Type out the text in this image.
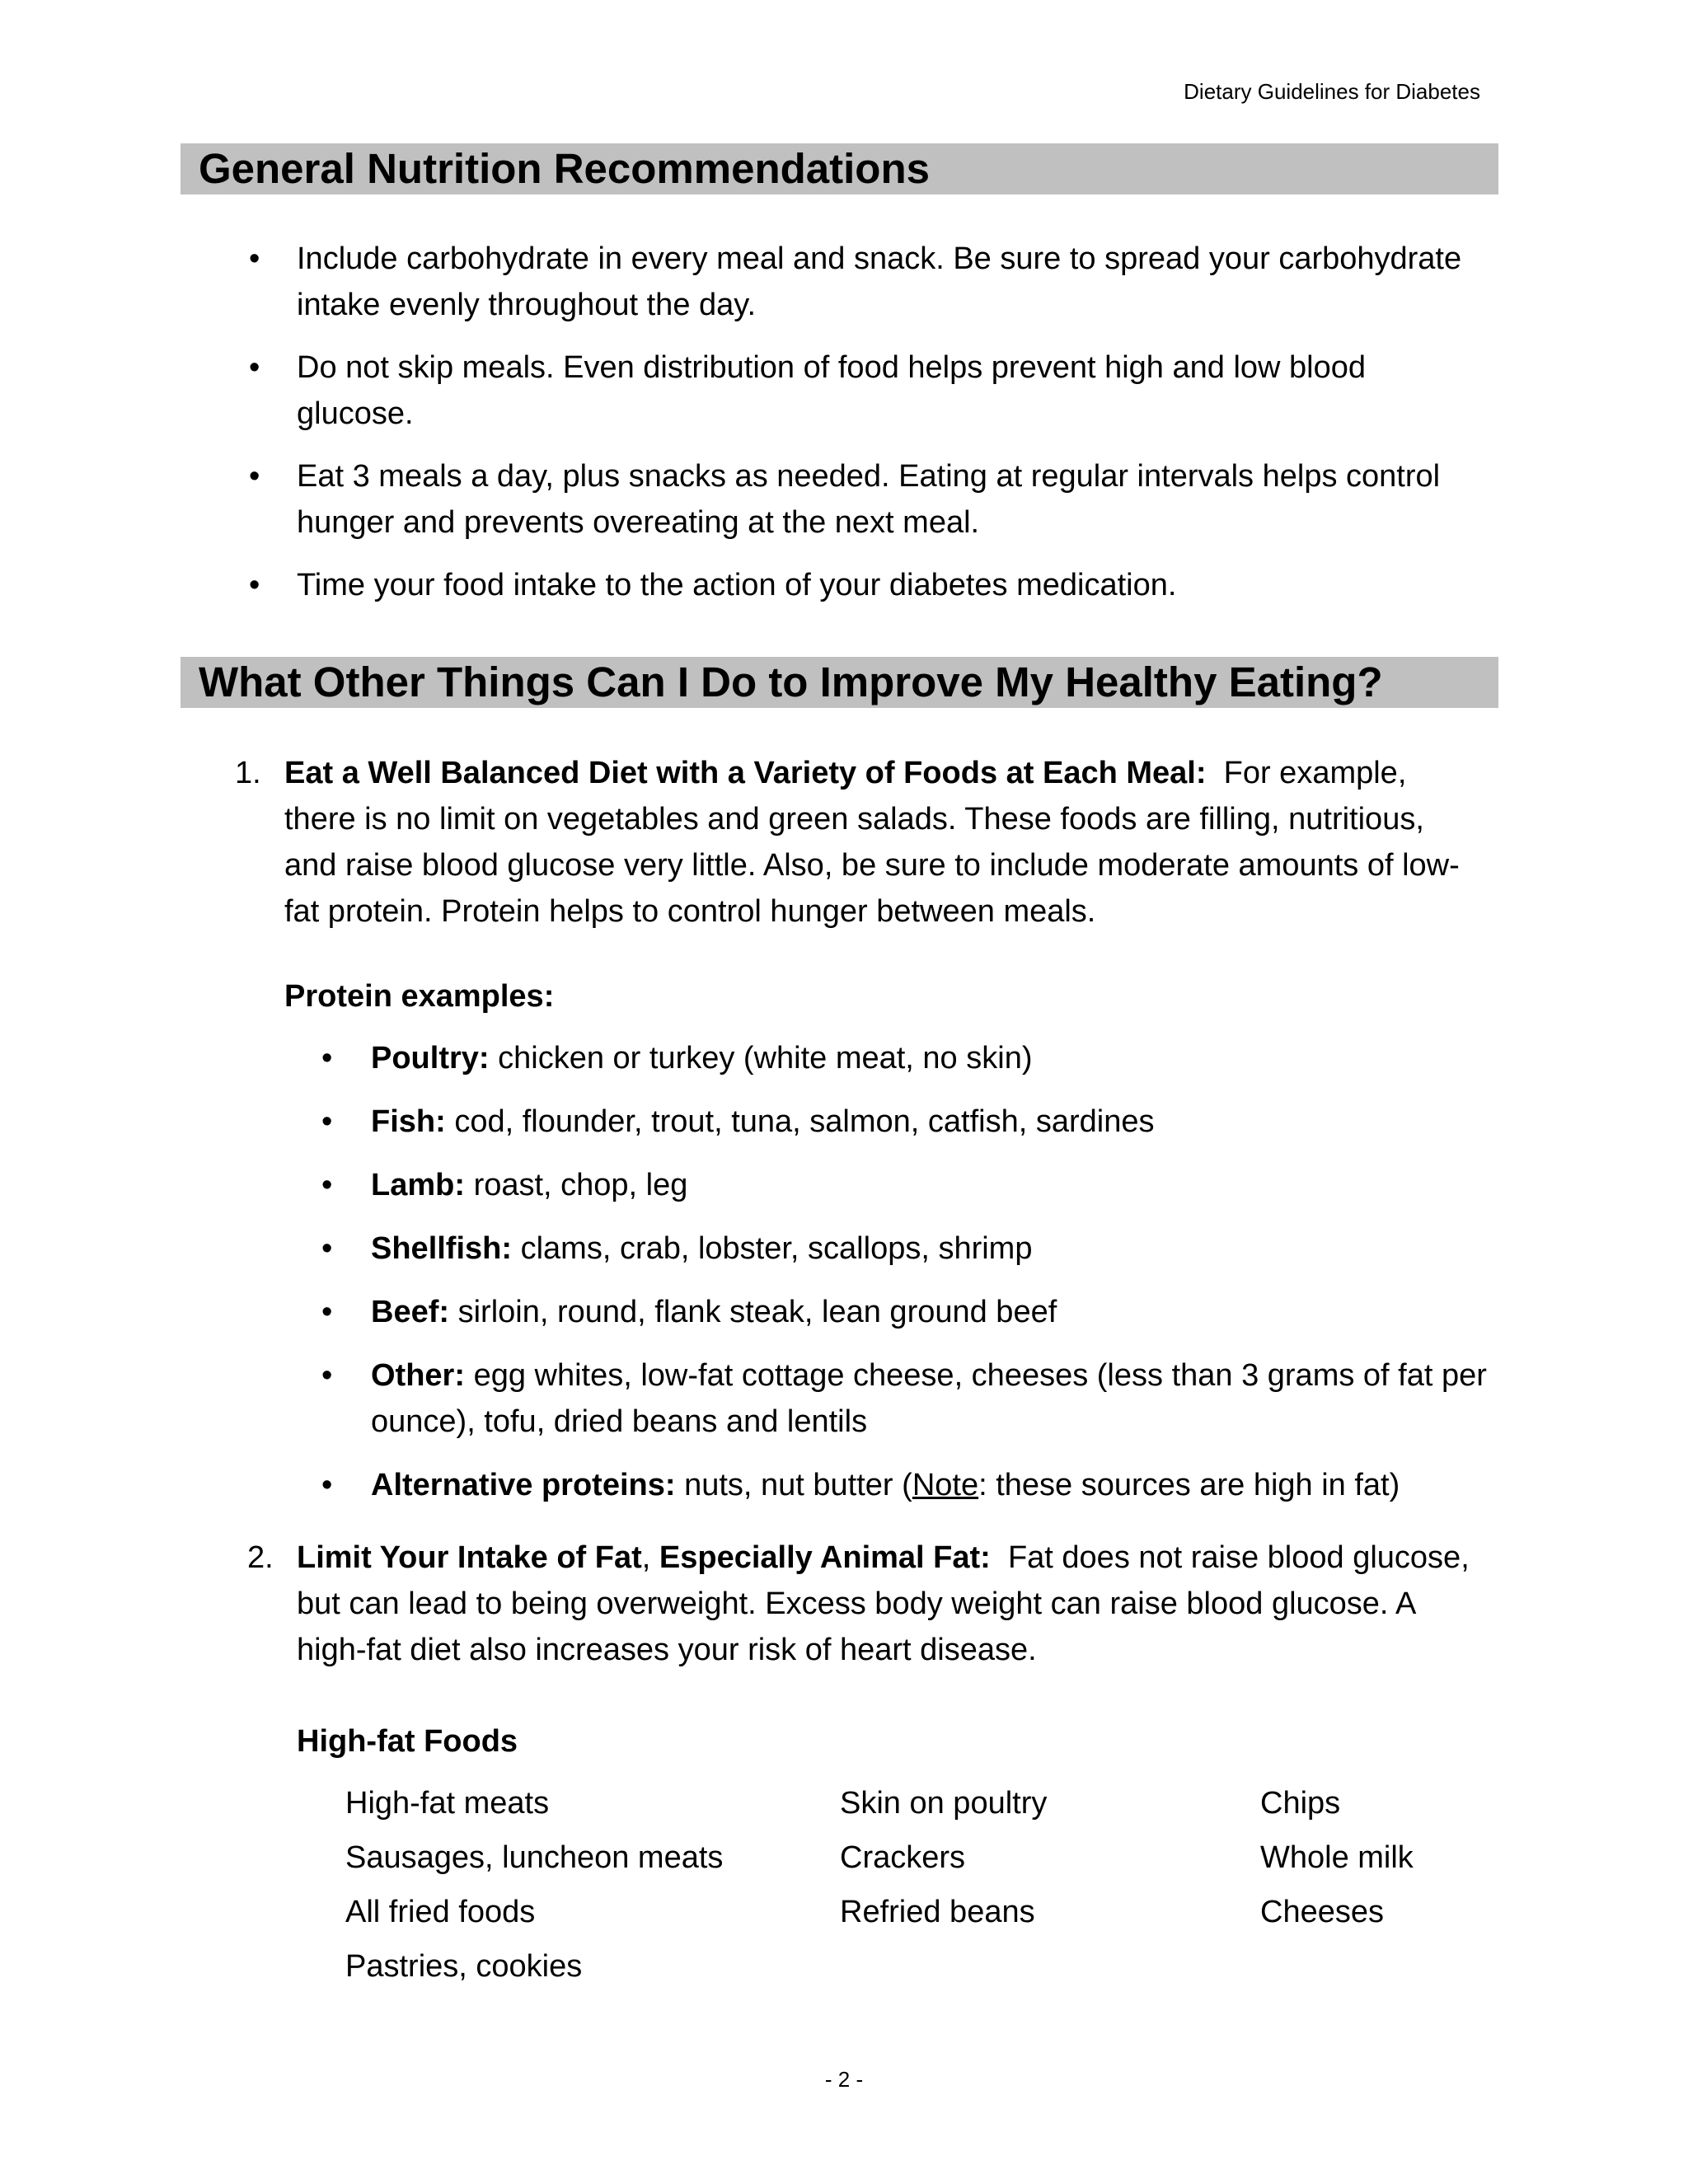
Dietary Guidelines for Diabetes
General Nutrition Recommendations
• Include carbohydrate in every meal and snack. Be sure to spread your carbohydrate intake evenly throughout the day.
• Do not skip meals. Even distribution of food helps prevent high and low blood glucose.
• Eat 3 meals a day, plus snacks as needed. Eating at regular intervals helps control hunger and prevents overeating at the next meal.
• Time your food intake to the action of your diabetes medication.
What Other Things Can I Do to Improve My Healthy Eating?
1. Eat a Well Balanced Diet with a Variety of Foods at Each Meal: For example, there is no limit on vegetables and green salads. These foods are filling, nutritious, and raise blood glucose very little. Also, be sure to include moderate amounts of low-fat protein. Protein helps to control hunger between meals.
Protein examples:
• Poultry: chicken or turkey (white meat, no skin)
• Fish: cod, flounder, trout, tuna, salmon, catfish, sardines
• Lamb: roast, chop, leg
• Shellfish: clams, crab, lobster, scallops, shrimp
• Beef: sirloin, round, flank steak, lean ground beef
• Other: egg whites, low-fat cottage cheese, cheeses (less than 3 grams of fat per ounce), tofu, dried beans and lentils
• Alternative proteins: nuts, nut butter (Note: these sources are high in fat)
2. Limit Your Intake of Fat, Especially Animal Fat: Fat does not raise blood glucose, but can lead to being overweight. Excess body weight can raise blood glucose. A high-fat diet also increases your risk of heart disease.
High-fat Foods
High-fat meats
Sausages, luncheon meats
All fried foods
Pastries, cookies
Skin on poultry
Crackers
Refried beans
Chips
Whole milk
Cheeses
- 2 -
